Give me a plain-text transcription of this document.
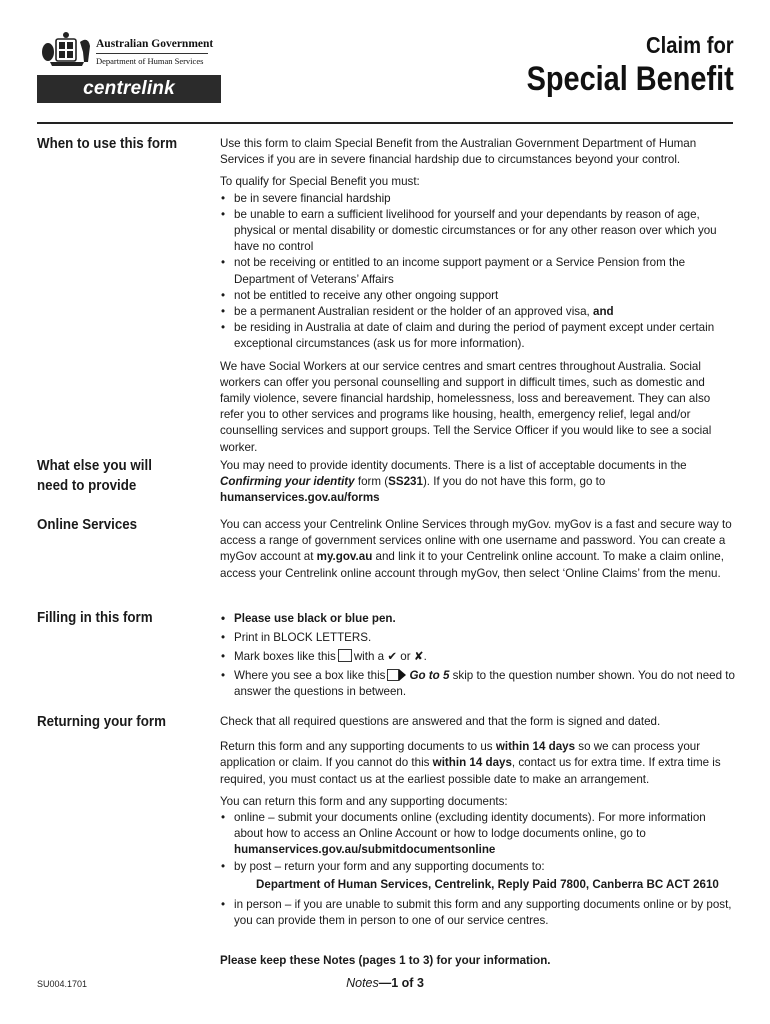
Australian Government
Department of Human Services
centrelink
Claim for
Special Benefit
When to use this form	Use this form to claim Special Benefit from the Australian Government Department of Human Services if you are in severe financial hardship due to circumstances beyond your control.

To qualify for Special Benefit you must:

• be in severe financial hardship
• be unable to earn a sufficient livelihood for yourself and your dependants by reason of age, physical or mental disability or domestic circumstances or for any other reason over which you have no control
• not be receiving or entitled to an income support payment or a Service Pension from the Department of Veterans’ Affairs
• not be entitled to receive any other ongoing support
• be a permanent Australian resident or the holder of an approved visa, and
• be residing in Australia at date of claim and during the period of payment except under certain exceptional circumstances (ask us for more information).

We have Social Workers at our service centres and smart centres throughout Australia. Social workers can offer you personal counselling and support in difficult times, such as domestic and family violence, severe financial hardship, homelessness, loss and bereavement. They can also refer you to other services and programs like housing, health, emergency relief, legal and/or counselling services and support groups. Tell the Service Officer if you would like to see a social worker.

What else you will
need to provide

You may need to provide identity documents. There is a list of acceptable documents in the Confirming your identity form (SS231). If you do not have this form, go to
humanservices.gov.au/forms

Online Services	You can access your Centrelink Online Services through myGov. myGov is a fast and secure way to access a range of government services online with one username and password. You can create a myGov account at my.gov.au and link it to your Centrelink online account. To make a claim online, access your Centrelink online account through myGov, then select ‘Online Claims’ from the menu.

Filling in this form
•	Please use black or blue pen.
• Print in BLOCK LETTERS.
• Mark boxes like this with a ✔ or ✘.
• Where you see a box like this Go to 5 skip to the question number shown. You do not need to answer the questions in between.
Returning your form	Check that all required questions are answered and that the form is signed and dated.

Return this form and any supporting documents to us within 14 days so we can process your application or claim. If you cannot do this within 14 days, contact us for extra time. If extra time is required, you must contact us at the earliest possible date to make an arrangement.

You can return this form and any supporting documents:

• online – submit your documents online (excluding identity documents). For more information about how to access an Online Account or how to lodge documents online, go to
humanservices.gov.au/submitdocumentsonline
• by post – return your form and any supporting documents to:
Department of Human Services, Centrelink, Reply Paid 7800, Canberra BC ACT 2610
• in person – if you are unable to submit this form and any supporting documents online or by post, you can provide them in person to one of our service centres.
Please keep these Notes (pages 1 to 3) for your information.
SU004.1701	Notes—1 of 3
